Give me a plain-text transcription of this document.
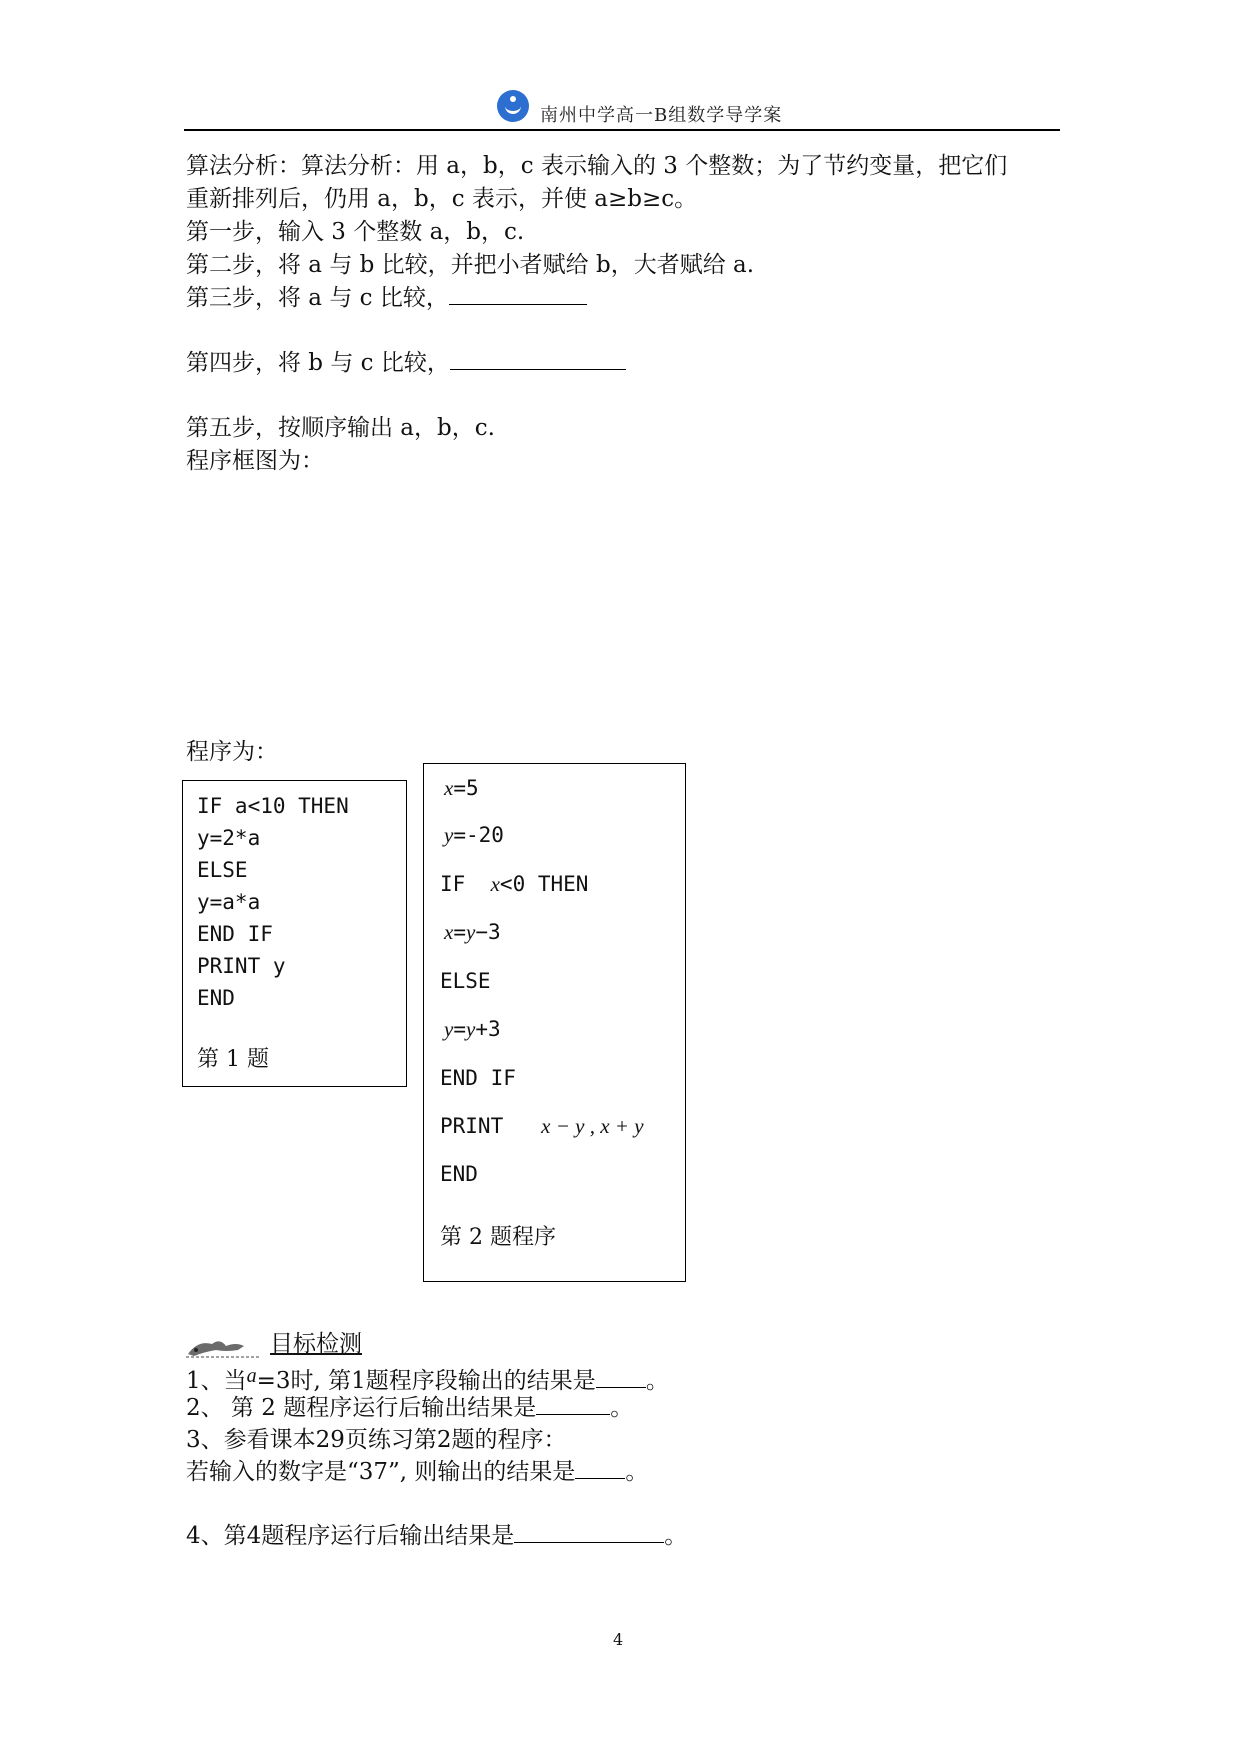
南州中学高一B组数学导学案
算法分析：算法分析：用 a，b，c 表示输入的 3 个整数；为了节约变量，把它们
重新排列后，仍用 a，b，c 表示，并使 a≥b≥c。
第一步，输入 3 个整数 a，b，c.
第二步，将 a 与 b 比较，并把小者赋给 b，大者赋给 a.
第三步，将 a 与 c 比较，
第四步，将 b 与 c 比较，
第五步，按顺序输出 a，b，c.
程序框图为：
程序为：
IF a<10 THEN
y=2*a
ELSE
y=a*a
END IF
PRINT y
END
第 1 题
x=5
y=-20
IF x<0 THEN
x=y−3
ELSE
y=y+3
END IF
PRINT x − y , x + y
END
第 2 题程序
目标检测
1、当a=3时, 第1题程序段输出的结果是 。
2、 第 2 题程序运行后输出结果是	。
3、参看课本29页练习第2题的程序：
若输入的数字是“37”, 则输出的结果是 。
4、第4题程序运行后输出结果是	。
4
